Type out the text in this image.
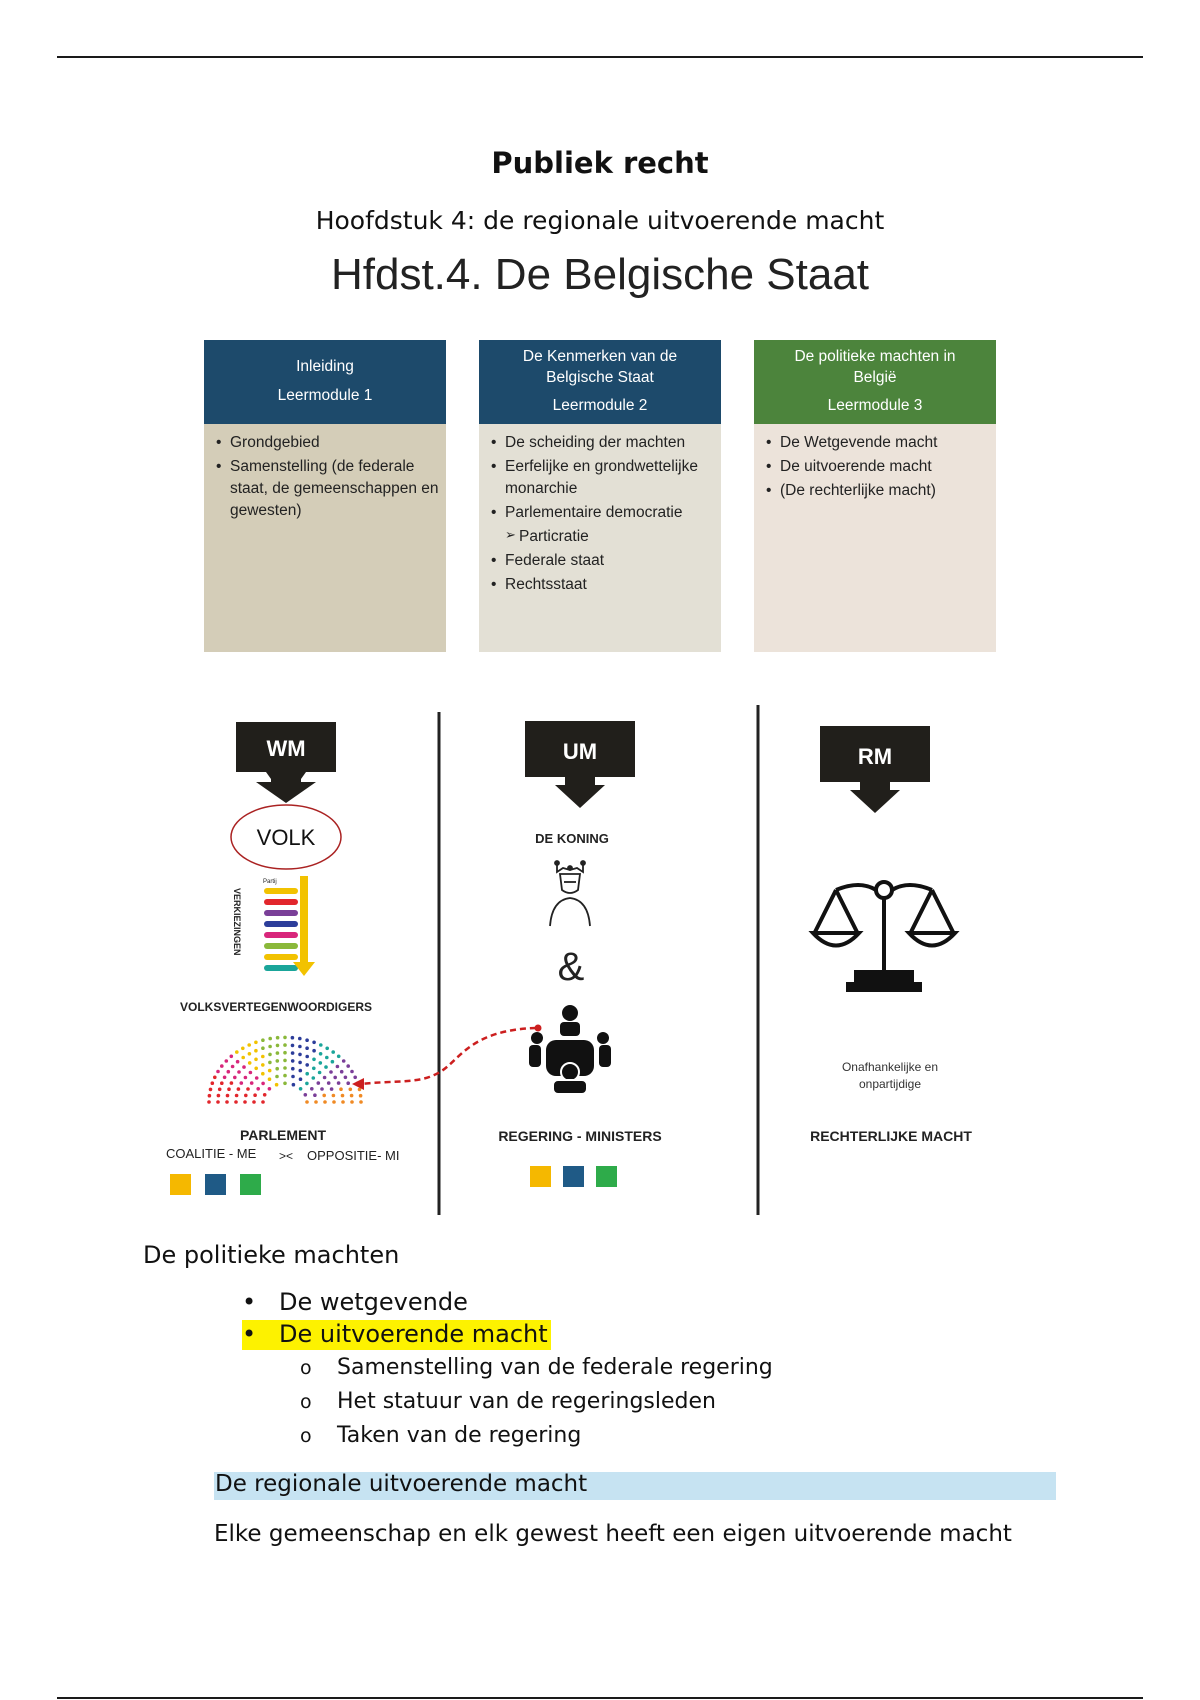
Publiek recht
Hoofdstuk 4: de regionale uitvoerende macht
Hfdst.4. De Belgische Staat
Inleiding
Leermodule 1
• Grondgebied
• Samenstelling (de federale staat, de gemeenschappen en gewesten)
De Kenmerken van de
Belgische Staat
Leermodule 2
• De scheiding der machten
• Eerfelijke en grondwettelijke monarchie
• Parlementaire democratie
➢ Particratie
• Federale staat
• Rechtsstaat
De politieke machten in
België
Leermodule 3
• De Wetgevende macht
• De uitvoerende macht
• (De rechterlijke macht)
WM
VOLK
VERKIEZINGEN
Partij
VOLKSVERTEGENWOORDIGERS
PARLEMENT
COALITIE - ME >< OPPOSITIE- MI
UM
DE KONING
&
REGERING - MINISTERS
RM
Onafhankelijke en
onpartijdige
RECHTERLIJKE MACHT
De politieke machten
• De wetgevende
• De uitvoerende macht
o Samenstelling van de federale regering
o Het statuur van de regeringsleden
o Taken van de regering
De regionale uitvoerende macht
Elke gemeenschap en elk gewest heeft een eigen uitvoerende macht
